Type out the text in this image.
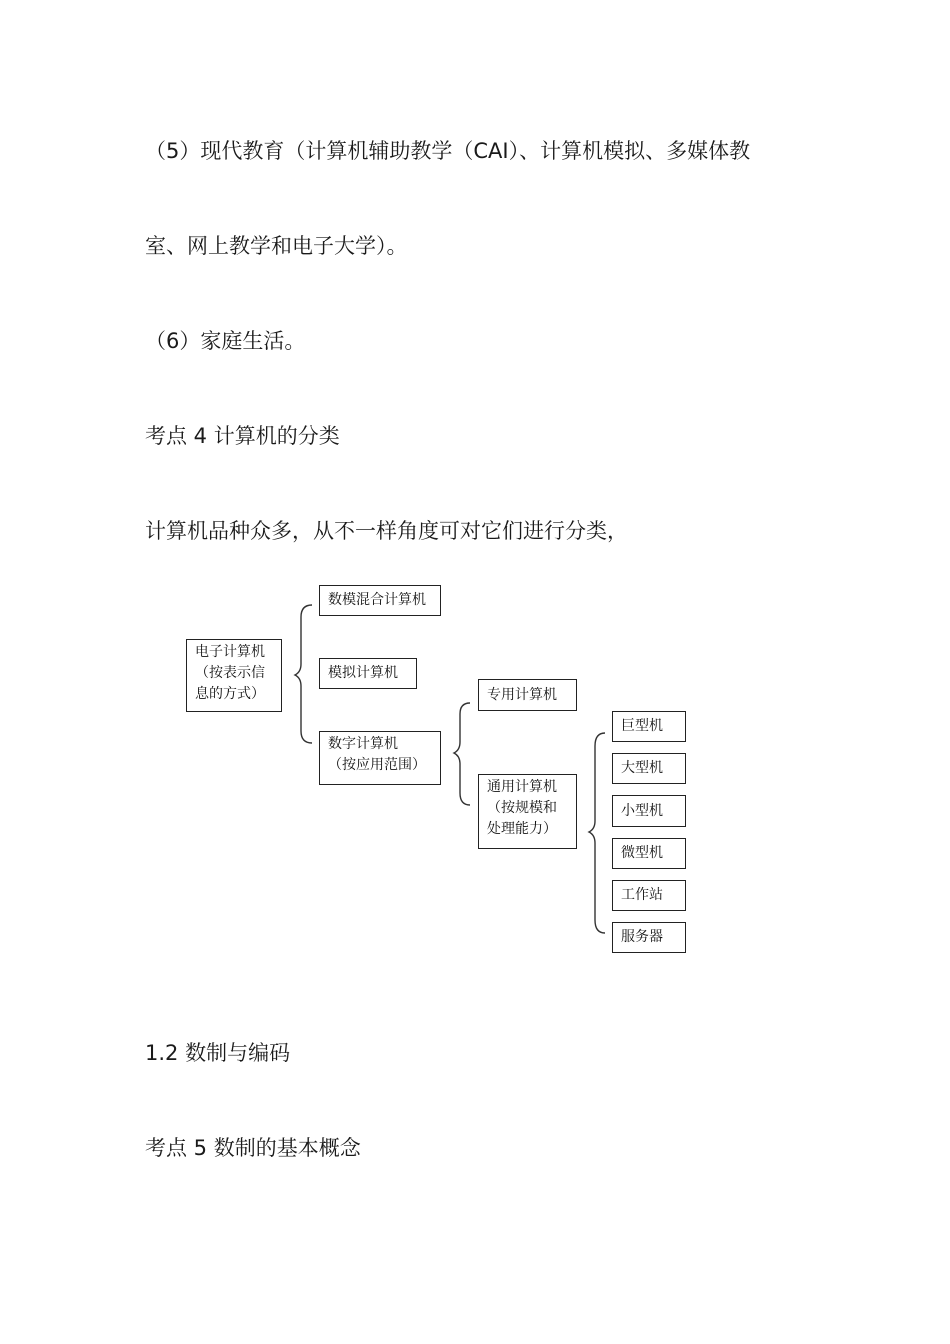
（5）现代教育（计算机辅助教学（CAI）、计算机模拟、多媒体教

室、网上教学和电子大学）。

（6）家庭生活。

考点 4 计算机的分类

计算机品种众多，从不一样角度可对它们进行分类，

电子计算机
（按表示信
息的方式）
数模混合计算机
模拟计算机
数字计算机
（按应用范围）
专用计算机
通用计算机
（按规模和
处理能力）
巨型机
大型机
小型机
微型机
工作站
服务器

1.2 数制与编码

考点 5 数制的基本概念
